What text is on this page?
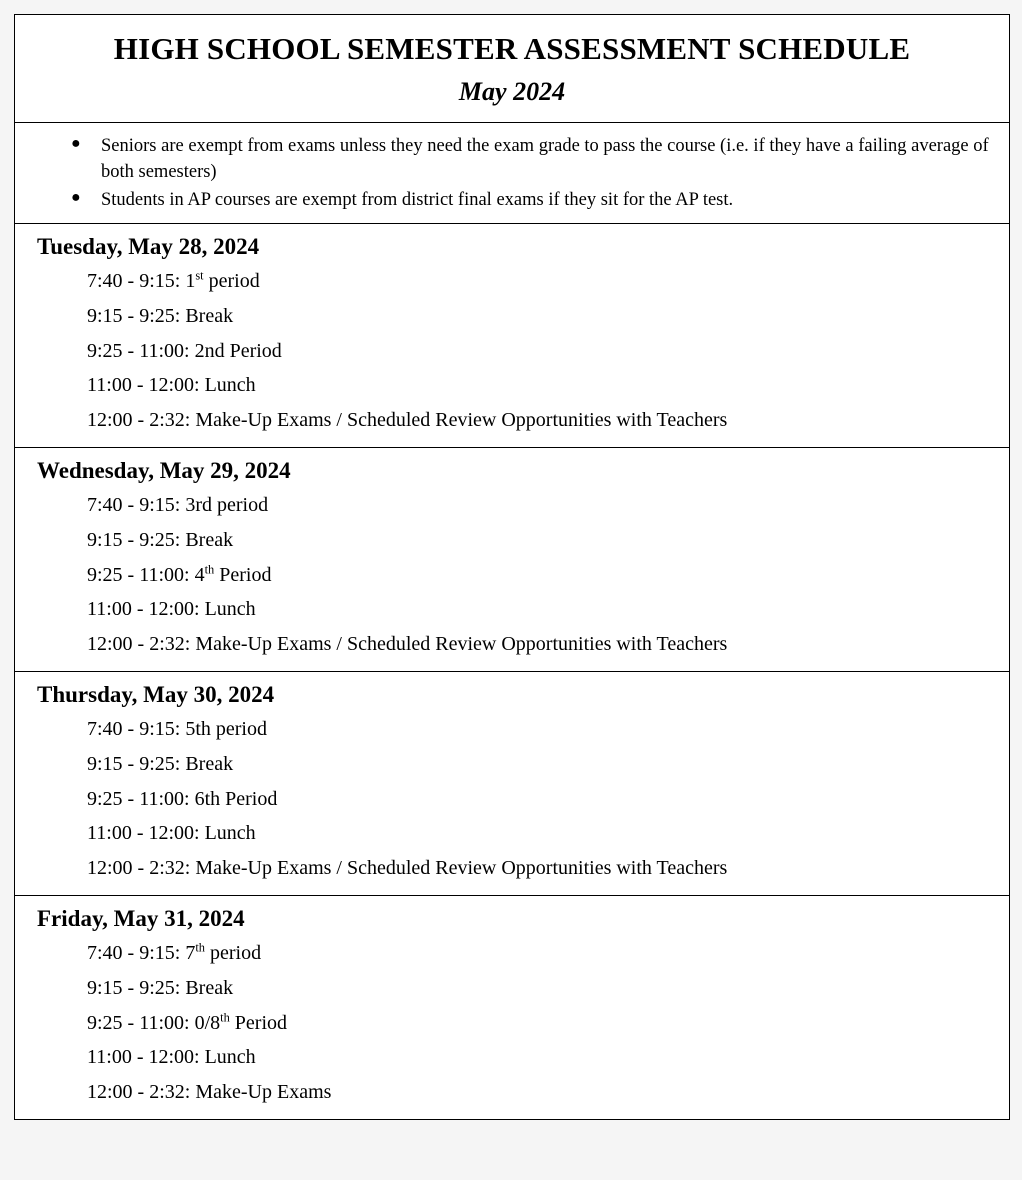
HIGH SCHOOL SEMESTER ASSESSMENT SCHEDULE
May 2024
● Seniors are exempt from exams unless they need the exam grade to pass the course (i.e. if they have a failing average of both semesters)
● Students in AP courses are exempt from district final exams if they sit for the AP test.
Tuesday, May 28, 2024
7:40 - 9:15: 1st period
9:15 - 9:25: Break
9:25 - 11:00: 2nd Period
11:00 - 12:00: Lunch
12:00 - 2:32: Make-Up Exams / Scheduled Review Opportunities with Teachers
Wednesday, May 29, 2024
7:40 - 9:15: 3rd period
9:15 - 9:25: Break
9:25 - 11:00: 4th Period
11:00 - 12:00: Lunch
12:00 - 2:32: Make-Up Exams / Scheduled Review Opportunities with Teachers
Thursday, May 30, 2024
7:40 - 9:15: 5th period
9:15 - 9:25: Break
9:25 - 11:00: 6th Period
11:00 - 12:00: Lunch
12:00 - 2:32: Make-Up Exams / Scheduled Review Opportunities with Teachers
Friday, May 31, 2024
7:40 - 9:15: 7th period
9:15 - 9:25: Break
9:25 - 11:00: 0/8th Period
11:00 - 12:00: Lunch
12:00 - 2:32: Make-Up Exams
